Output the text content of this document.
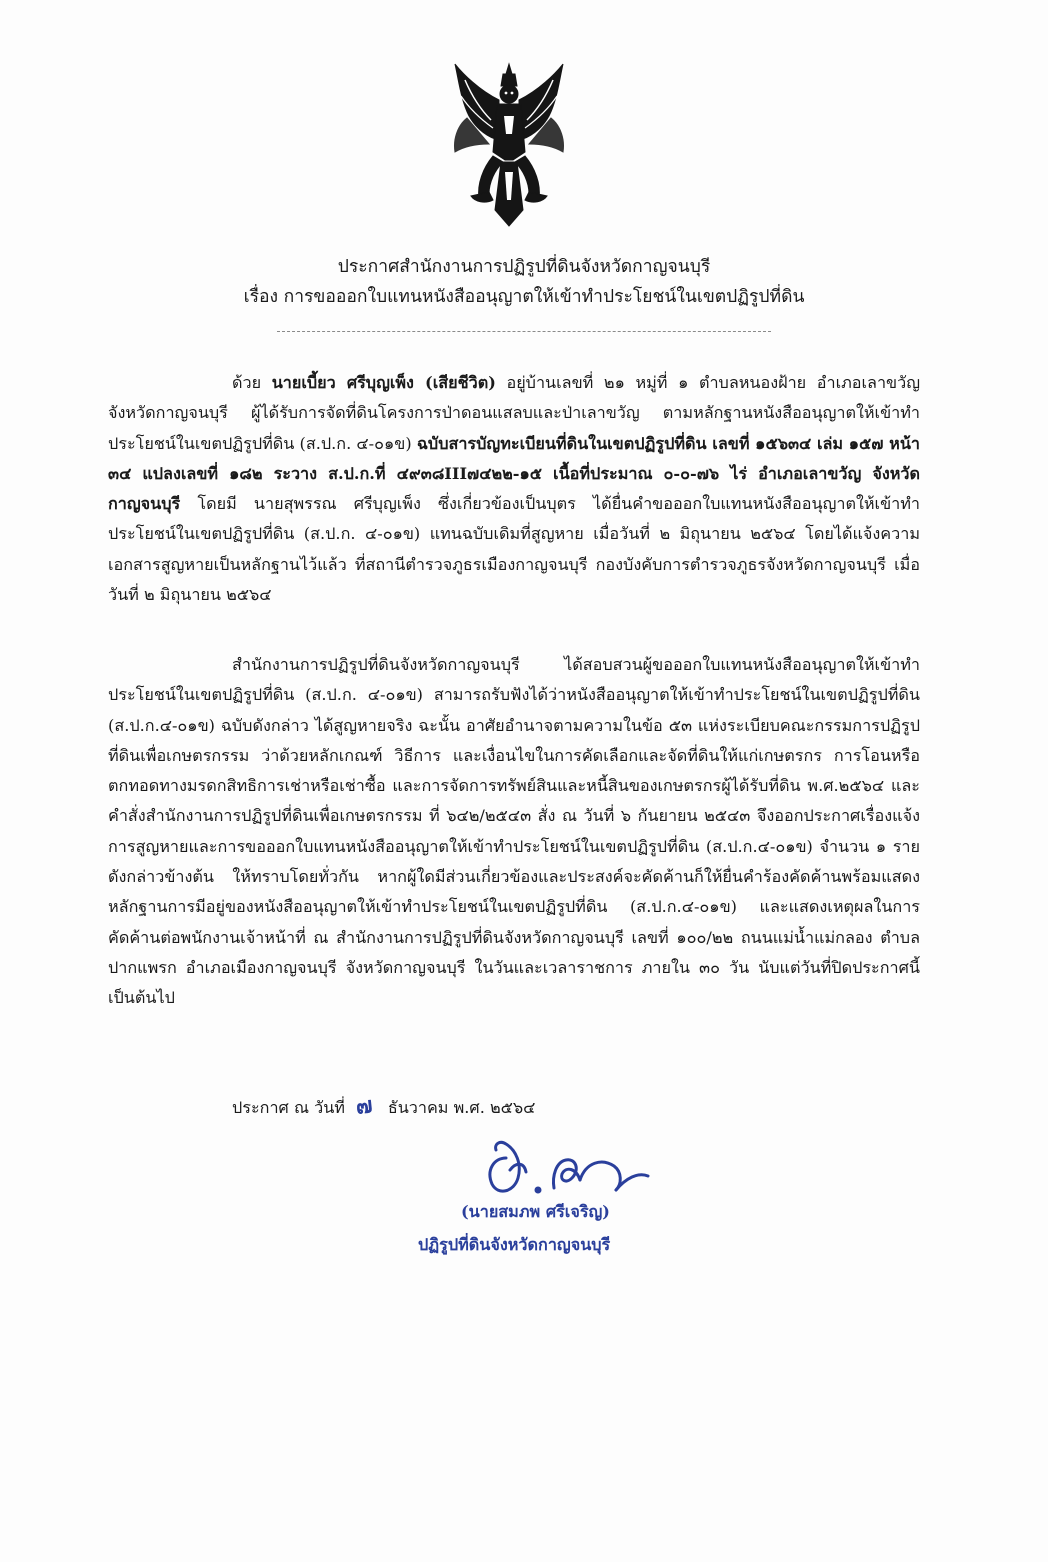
ประกาศสำนักงานการปฏิรูปที่ดินจังหวัดกาญจนบุรี
เรื่อง การขอออกใบแทนหนังสืออนุญาตให้เข้าทำประโยชน์ในเขตปฏิรูปที่ดิน

ด้วย นายเบี้ยว ศรีบุญเพ็ง (เสียชีวิต) อยู่บ้านเลขที่ ๒๑ หมู่ที่ ๑ ตำบลหนองฝ้าย อำเภอเลาขวัญ จังหวัดกาญจนบุรี ผู้ได้รับการจัดที่ดินโครงการป่าดอนแสลบและป่าเลาขวัญ ตามหลักฐานหนังสืออนุญาตให้เข้าทำประโยชน์ในเขตปฏิรูปที่ดิน (ส.ป.ก. ๔-๐๑ข) ฉบับสารบัญทะเบียนที่ดินในเขตปฏิรูปที่ดิน เลขที่ ๑๕๖๓๔ เล่ม ๑๕๗ หน้า ๓๔ แปลงเลขที่ ๑๘๒ ระวาง ส.ป.ก.ที่ ๔๙๓๘III๗๔๒๒-๑๕ เนื้อที่ประมาณ ๐-๐-๗๖ ไร่ อำเภอเลาขวัญ จังหวัดกาญจนบุรี โดยมี นายสุพรรณ ศรีบุญเพ็ง ซึ่งเกี่ยวข้องเป็นบุตร ได้ยื่นคำขอออกใบแทนหนังสืออนุญาตให้เข้าทำประโยชน์ในเขตปฏิรูปที่ดิน (ส.ป.ก. ๔-๐๑ข) แทนฉบับเดิมที่สูญหาย เมื่อวันที่ ๒ มิถุนายน ๒๕๖๔ โดยได้แจ้งความเอกสารสูญหายเป็นหลักฐานไว้แล้ว ที่สถานีตำรวจภูธรเมืองกาญจนบุรี กองบังคับการตำรวจภูธรจังหวัดกาญจนบุรี เมื่อวันที่ ๒ มิถุนายน ๒๕๖๔

สำนักงานการปฏิรูปที่ดินจังหวัดกาญจนบุรี ได้สอบสวนผู้ขอออกใบแทนหนังสืออนุญาตให้เข้าทำประโยชน์ในเขตปฏิรูปที่ดิน (ส.ป.ก. ๔-๐๑ข) สามารถรับฟังได้ว่าหนังสืออนุญาตให้เข้าทำประโยชน์ในเขตปฏิรูปที่ดิน (ส.ป.ก.๔-๐๑ข) ฉบับดังกล่าว ได้สูญหายจริง ฉะนั้น อาศัยอำนาจตามความในข้อ ๕๓ แห่งระเบียบคณะกรรมการปฏิรูปที่ดินเพื่อเกษตรกรรม ว่าด้วยหลักเกณฑ์ วิธีการ และเงื่อนไขในการคัดเลือกและจัดที่ดินให้แก่เกษตรกร การโอนหรือตกทอดทางมรดกสิทธิการเช่าหรือเช่าซื้อ และการจัดการทรัพย์สินและหนี้สินของเกษตรกรผู้ได้รับที่ดิน พ.ศ.๒๕๖๔ และคำสั่งสำนักงานการปฏิรูปที่ดินเพื่อเกษตรกรรม ที่ ๖๔๒/๒๕๔๓ สั่ง ณ วันที่ ๖ กันยายน ๒๕๔๓ จึงออกประกาศเรื่องแจ้งการสูญหายและการขอออกใบแทนหนังสืออนุญาตให้เข้าทำประโยชน์ในเขตปฏิรูปที่ดิน (ส.ป.ก.๔-๐๑ข) จำนวน ๑ ราย ดังกล่าวข้างต้น ให้ทราบโดยทั่วกัน หากผู้ใดมีส่วนเกี่ยวข้องและประสงค์จะคัดค้านก็ให้ยื่นคำร้องคัดค้านพร้อมแสดงหลักฐานการมีอยู่ของหนังสืออนุญาตให้เข้าทำประโยชน์ในเขตปฏิรูปที่ดิน (ส.ป.ก.๔-๐๑ข) และแสดงเหตุผลในการคัดค้านต่อพนักงานเจ้าหน้าที่ ณ สำนักงานการปฏิรูปที่ดินจังหวัดกาญจนบุรี เลขที่ ๑๐๐/๒๒ ถนนแม่น้ำแม่กลอง ตำบลปากแพรก อำเภอเมืองกาญจนบุรี จังหวัดกาญจนบุรี ในวันและเวลาราชการ ภายใน ๓๐ วัน นับแต่วันที่ปิดประกาศนี้ เป็นต้นไป

ประกาศ ณ วันที่ ๗ ธันวาคม พ.ศ. ๒๕๖๔
(นายสมภพ ศรีเจริญ)
ปฏิรูปที่ดินจังหวัดกาญจนบุรี
